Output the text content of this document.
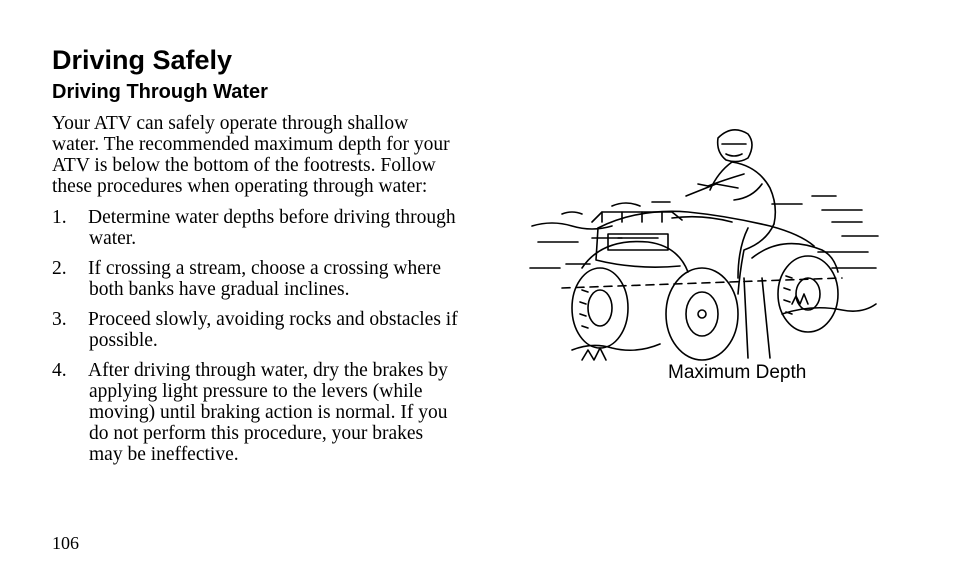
Driving Safely
Driving Through Water

Your ATV can safely operate through shallow
water. The recommended maximum depth for your
ATV is below the bottom of the footrests. Follow
these procedures when operating through water:

1.	Determine water depths before driving through
water.
2.	If crossing a stream, choose a crossing where
both banks have gradual inclines.
3.	Proceed slowly, avoiding rocks and obstacles if
possible.
4.	After driving through water, dry the brakes by
applying light pressure to the levers (while
moving) until braking action is normal. If you
do not perform this procedure, your brakes
may be ineffective.
Maximum Depth
106
